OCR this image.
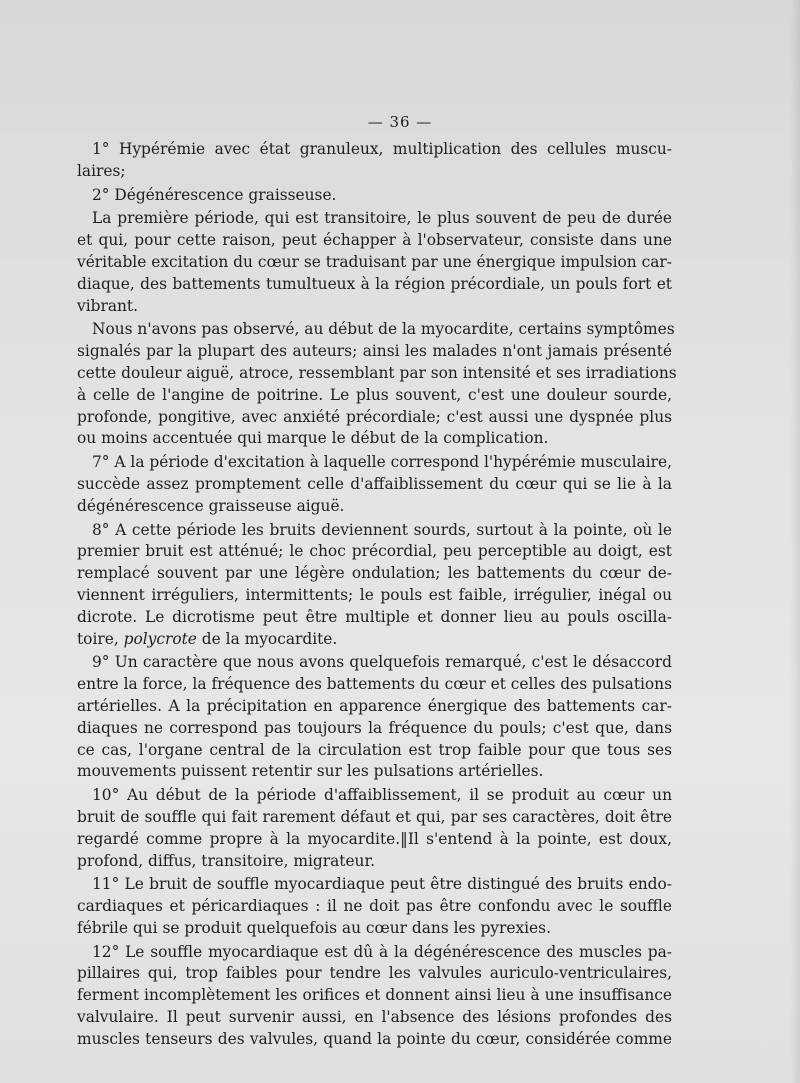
— 36 —
1° Hypérémie avec état granuleux, multiplication des cellules muscu-
laires;
2° Dégénérescence graisseuse.
La première période, qui est transitoire, le plus souvent de peu de durée
et qui, pour cette raison, peut échapper à l'observateur, consiste dans une
véritable excitation du cœur se traduisant par une énergique impulsion car-
diaque, des battements tumultueux à la région précordiale, un pouls fort et
vibrant.
Nous n'avons pas observé, au début de la myocardite, certains symptômes
signalés par la plupart des auteurs; ainsi les malades n'ont jamais présenté
cette douleur aiguë, atroce, ressemblant par son intensité et ses irradiations
à celle de l'angine de poitrine. Le plus souvent, c'est une douleur sourde,
profonde, pongitive, avec anxiété précordiale; c'est aussi une dyspnée plus
ou moins accentuée qui marque le début de la complication.
7° A la période d'excitation à laquelle correspond l'hypérémie musculaire,
succède assez promptement celle d'affaiblissement du cœur qui se lie à la
dégénérescence graisseuse aiguë.
8° A cette période les bruits deviennent sourds, surtout à la pointe, où le
premier bruit est atténué; le choc précordial, peu perceptible au doigt, est
remplacé souvent par une légère ondulation; les battements du cœur de-
viennent irréguliers, intermittents; le pouls est faible, irrégulier, inégal ou
dicrote. Le dicrotisme peut être multiple et donner lieu au pouls oscilla-
toire, polycrote de la myocardite.
9° Un caractère que nous avons quelquefois remarqué, c'est le désaccord
entre la force, la fréquence des battements du cœur et celles des pulsations
artérielles. A la précipitation en apparence énergique des battements car-
diaques ne correspond pas toujours la fréquence du pouls; c'est que, dans
ce cas, l'organe central de la circulation est trop faible pour que tous ses
mouvements puissent retentir sur les pulsations artérielles.
10° Au début de la période d'affaiblissement, il se produit au cœur un
bruit de souffle qui fait rarement défaut et qui, par ses caractères, doit être
regardé comme propre à la myocardite.‖Il s'entend à la pointe, est doux,
profond, diffus, transitoire, migrateur.
11° Le bruit de souffle myocardiaque peut être distingué des bruits endo-
cardiaques et péricardiaques : il ne doit pas être confondu avec le souffle
fébrile qui se produit quelquefois au cœur dans les pyrexies.
12° Le souffle myocardiaque est dû à la dégénérescence des muscles pa-
pillaires qui, trop faibles pour tendre les valvules auriculo-ventriculaires,
ferment incomplètement les orifices et donnent ainsi lieu à une insuffisance
valvulaire. Il peut survenir aussi, en l'absence des lésions profondes des
muscles tenseurs des valvules, quand la pointe du cœur, considérée comme
